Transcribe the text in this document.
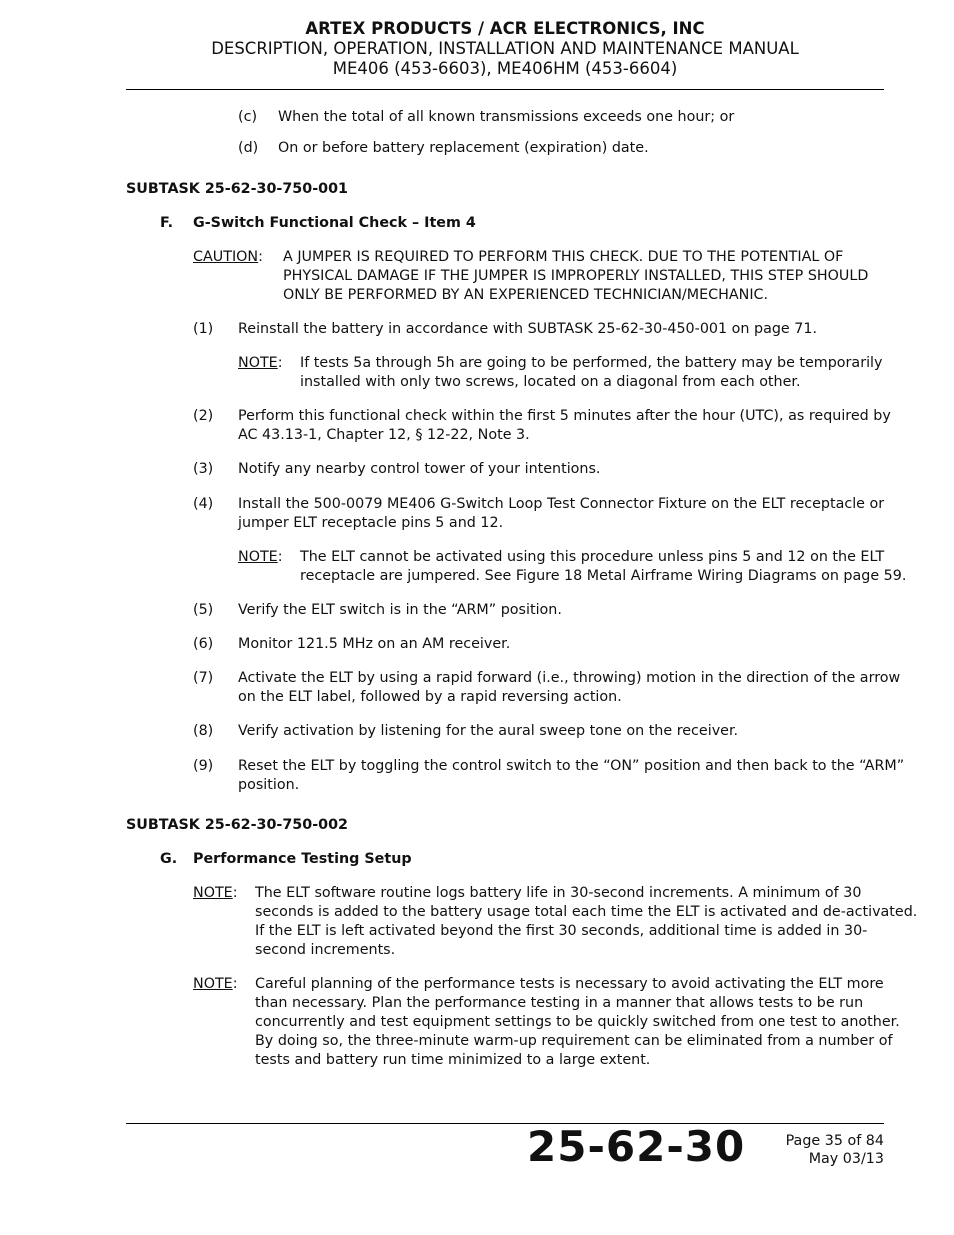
ARTEX PRODUCTS / ACR ELECTRONICS, INC
DESCRIPTION, OPERATION, INSTALLATION AND MAINTENANCE MANUAL
ME406 (453-6603), ME406HM (453-6604)
(c) When the total of all known transmissions exceeds one hour; or
(d) On or before battery replacement (expiration) date.
SUBTASK 25-62-30-750-001
F. G-Switch Functional Check – Item 4
CAUTION: A JUMPER IS REQUIRED TO PERFORM THIS CHECK. DUE TO THE POTENTIAL OF
PHYSICAL DAMAGE IF THE JUMPER IS IMPROPERLY INSTALLED, THIS STEP SHOULD
ONLY BE PERFORMED BY AN EXPERIENCED TECHNICIAN/MECHANIC.
(1) Reinstall the battery in accordance with SUBTASK 25-62-30-450-001 on page 71.
NOTE: If tests 5a through 5h are going to be performed, the battery may be temporarily
installed with only two screws, located on a diagonal from each other.
(2) Perform this functional check within the first 5 minutes after the hour (UTC), as required by
AC 43.13-1, Chapter 12, § 12-22, Note 3.
(3) Notify any nearby control tower of your intentions.
(4) Install the 500-0079 ME406 G-Switch Loop Test Connector Fixture on the ELT receptacle or
jumper ELT receptacle pins 5 and 12.
NOTE: The ELT cannot be activated using this procedure unless pins 5 and 12 on the ELT
receptacle are jumpered. See Figure 18 Metal Airframe Wiring Diagrams on page 59.
(5) Verify the ELT switch is in the “ARM” position.
(6) Monitor 121.5 MHz on an AM receiver.
(7) Activate the ELT by using a rapid forward (i.e., throwing) motion in the direction of the arrow
on the ELT label, followed by a rapid reversing action.
(8) Verify activation by listening for the aural sweep tone on the receiver.
(9) Reset the ELT by toggling the control switch to the “ON” position and then back to the “ARM”
position.
SUBTASK 25-62-30-750-002
G. Performance Testing Setup
NOTE: The ELT software routine logs battery life in 30-second increments. A minimum of 30
seconds is added to the battery usage total each time the ELT is activated and de-activated.
If the ELT is left activated beyond the first 30 seconds, additional time is added in 30-
second increments.
NOTE: Careful planning of the performance tests is necessary to avoid activating the ELT more
than necessary. Plan the performance testing in a manner that allows tests to be run
concurrently and test equipment settings to be quickly switched from one test to another.
By doing so, the three-minute warm-up requirement can be eliminated from a number of
tests and battery run time minimized to a large extent.
25-62-30	Page 35 of 84
May 03/13
